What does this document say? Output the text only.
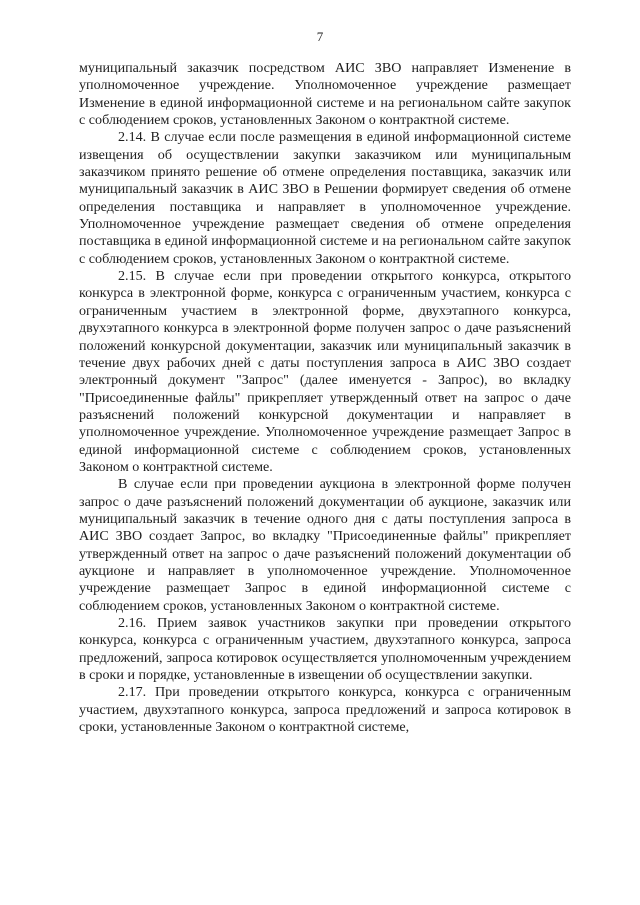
7

муниципальный заказчик посредством АИС ЗВО направляет Изменение в уполномоченное учреждение. Уполномоченное учреждение размещает Изменение в единой информационной системе и на региональном сайте закупок с соблюдением сроков, установленных Законом о контрактной системе.

2.14. В случае если после размещения в единой информационной системе извещения об осуществлении закупки заказчиком или муниципальным заказчиком принято решение об отмене определения поставщика, заказчик или муниципальный заказчик в АИС ЗВО в Решении формирует сведения об отмене определения поставщика и направляет в уполномоченное учреждение. Уполномоченное учреждение размещает сведения об отмене определения поставщика в единой информационной системе и на региональном сайте закупок с соблюдением сроков, установленных Законом о контрактной системе.

2.15. В случае если при проведении открытого конкурса, открытого конкурса в электронной форме, конкурса с ограниченным участием, конкурса с ограниченным участием в электронной форме, двухэтапного конкурса, двухэтапного конкурса в электронной форме получен запрос о даче разъяснений положений конкурсной документации, заказчик или муниципальный заказчик в течение двух рабочих дней с даты поступления запроса в АИС ЗВО создает электронный документ "Запрос" (далее именуется - Запрос), во вкладку "Присоединенные файлы" прикрепляет утвержденный ответ на запрос о даче разъяснений положений конкурсной документации и направляет в уполномоченное учреждение. Уполномоченное учреждение размещает Запрос в единой информационной системе с соблюдением сроков, установленных Законом о контрактной системе.

В случае если при проведении аукциона в электронной форме получен запрос о даче разъяснений положений документации об аукционе, заказчик или муниципальный заказчик в течение одного дня с даты поступления запроса в АИС ЗВО создает Запрос, во вкладку "Присоединенные файлы" прикрепляет утвержденный ответ на запрос о даче разъяснений положений документации об аукционе и направляет в уполномоченное учреждение. Уполномоченное учреждение размещает Запрос в единой информационной системе с соблюдением сроков, установленных Законом о контрактной системе.

2.16. Прием заявок участников закупки при проведении открытого конкурса, конкурса с ограниченным участием, двухэтапного конкурса, запроса предложений, запроса котировок осуществляется уполномоченным учреждением в сроки и порядке, установленные в извещении об осуществлении закупки.

2.17. При проведении открытого конкурса, конкурса с ограниченным участием, двухэтапного конкурса, запроса предложений и запроса котировок в сроки, установленные Законом о контрактной системе,
